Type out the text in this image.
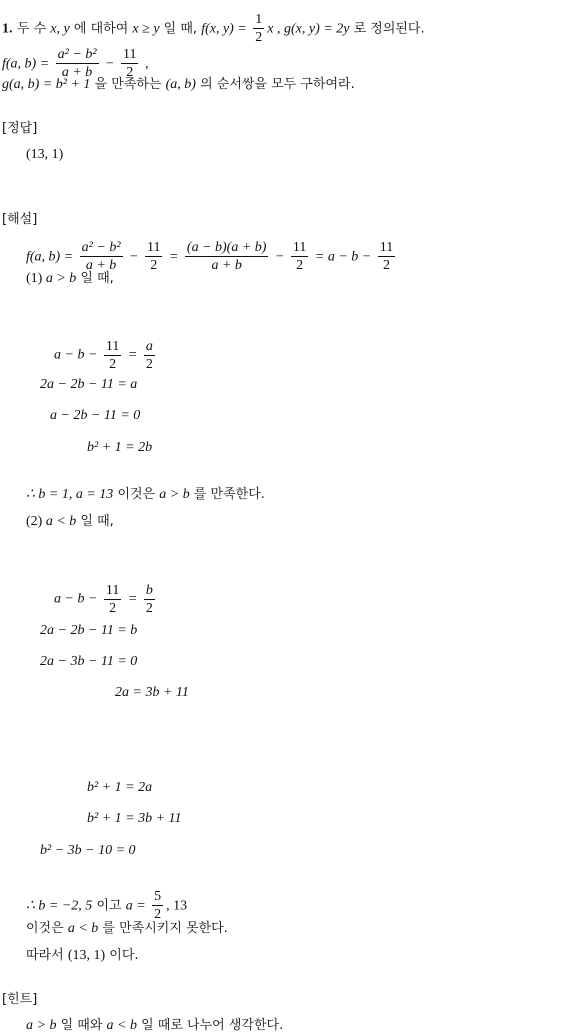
1. 두 수 x, y 에 대하여 x ≥ y 일 때, f(x, $y) = \frac{1}{2}$ x , g(x, y) = 2y 로 정의된다.
f(a, $b) = \frac{\text{a² − b²}}{a + b} - \frac{11}{2}$ ,
g(a, b) = b² + 1 을 만족하는 (a, b) 의 순서쌍을 모두 구하여라.
[정답]
(13, 1)
[해설]
f(a, $b) = \frac{\text{a² − b²}}{a + b} - \frac{11}{2} = \frac{(a - b)(a + b)}{a + b} - \frac{11}{2} = a - b - \frac{11}{2}$
(1) a > b 일 때,
$a - b - \frac{11}{2} = \frac{a}{2}$
2a − 2b − 11 = a
a − 2b − 11 = 0
b² + 1 = 2b
∴ b = 1, a = 13 이것은 a > b 를 만족한다.
(2) a < b 일 때,
$a - b - \frac{11}{2} = \frac{b}{2}$
2a − 2b − 11 = b
2a − 3b − 11 = 0
2a = 3b + 11
b² + 1 = 2a
b² + 1 = 3b + 11
b² − 3b − 10 = 0
∴ b = −2, 5 이고 $a = \frac{5}{2}$ , 13
이것은 a < b 를 만족시키지 못한다.
따라서 (13, 1) 이다.
[힌트]
a > b 일 때와 a < b 일 때로 나누어 생각한다.
